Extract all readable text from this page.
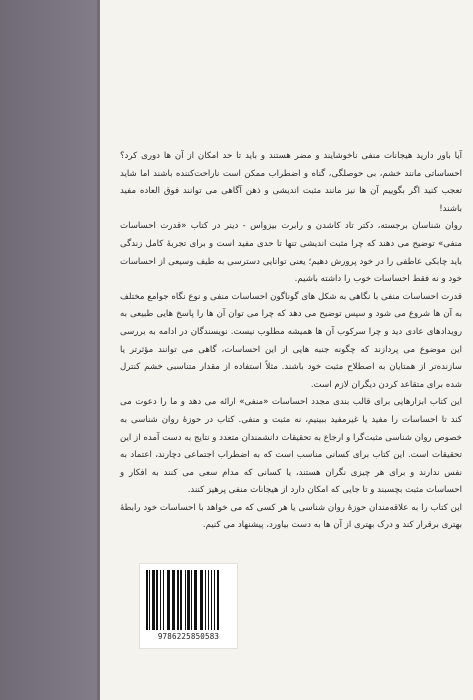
آیا باور دارید هیجانات منفی ناخوشایند و مضر هستند و باید تا حد امکان از آن ها دوری کرد؟ احساساتی مانند خشم، بی حوصلگی، گناه و اضطراب ممکن است ناراحت‌کننده باشند اما شاید تعجب کنید اگر بگوییم آن ها نیز مانند مثبت اندیشی و ذهن آگاهی می توانند فوق العاده مفید باشند!

روان شناسان برجسته، دکتر تاد کاشدن و رابرت بیزواس - دینر در کتاب «قدرت احساسات منفی» توضیح می دهند که چرا مثبت اندیشی تنها تا حدی مفید است و برای تجربهٔ کامل زندگی باید چابکی عاطفی را در خود پرورش دهیم؛ یعنی توانایی دسترسی به طیف وسیعی از احساسات خود و نه فقط احساسات خوب را داشته باشیم.

قدرت احساسات منفی با نگاهی به شکل های گوناگون احساسات منفی و نوع نگاه جوامع مختلف به آن ها شروع می شود و سپس توضیح می دهد که چرا می توان آن ها را پاسخ هایی طبیعی به رویدادهای عادی دید و چرا سرکوب آن ها همیشه مطلوب نیست. نویسندگان در ادامه به بررسی این موضوع می پردازند که چگونه جنبه هایی از این احساسات، گاهی می توانند مؤثرتر یا سازنده‌تر از همتایان به اصطلاح مثبت خود باشند. مثلاً استفاده از مقدار متناسبی خشم کنترل شده برای متقاعد کردن دیگران لازم است.

این کتاب ابزارهایی برای قالب بندی مجدد احساسات «منفی» ارائه می دهد و ما را دعوت می کند تا احساسات را مفید یا غیرمفید ببینیم، نه مثبت و منفی. کتاب در حوزهٔ روان شناسی به خصوص روان شناسی مثبت‌گرا و ارجاع به تحقیقات دانشمندان متعدد و نتایج به دست آمده از این تحقیقات است. این کتاب برای کسانی مناسب است که به اضطراب اجتماعی دچارند، اعتماد به نفس ندارند و برای هر چیزی نگران هستند، یا کسانی که مدام سعی می کنند به افکار و احساسات مثبت بچسبند و تا جایی که امکان دارد از هیجانات منفی پرهیز کنند.

این کتاب را به علاقه‌مندان حوزهٔ روان شناسی یا هر کسی که می خواهد با احساسات خود رابطهٔ بهتری برقرار کند و درک بهتری از آن ها به دست بیاورد، پیشنهاد می کنیم.

9786225850583
